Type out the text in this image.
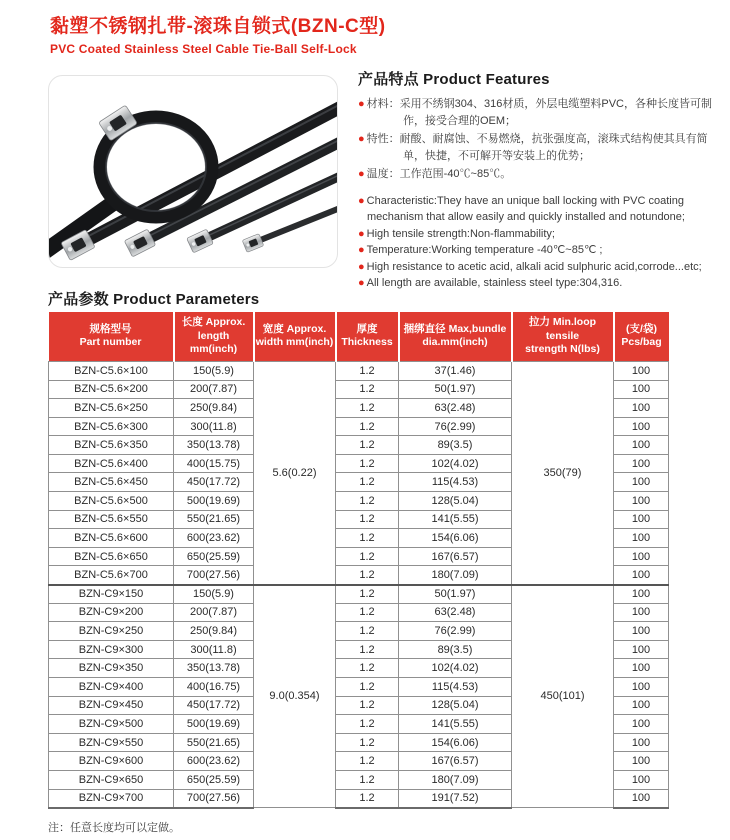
黏塑不锈钢扎带-滚珠自锁式(BZN-C型)
PVC Coated Stainless Steel Cable Tie-Ball Self-Lock
产品特点 Product Features
● 材料：采用不绣钢304、316材质，外层电缆塑料PVC，各种长度皆可制作，接受合理的OEM；
● 特性：耐酸、耐腐蚀、不易燃烧，抗张强度高，滚珠式结构使其具有简单，快捷，不可解开等安装上的优势；
● 温度：工作范围-40℃~85℃。
● Characteristic:They have an unique ball locking with PVC coating mechanism that allow easily and quickly installed and notundone;
● High tensile strength:Non-flammability;
● Temperature:Working temperature -40℃~85℃ ;
● High resistance to acetic acid, alkali acid sulphuric acid,corrode...etc;
● All length are available, stainless steel type:304,316.
产品参数 Product Parameters
规格型号
Part number

长度 Approx.
length mm(inch)

宽度 Approx.
width mm(inch)

厚度
Thickness

捆绑直径 Max,bundle
dia.mm(inch)

拉力 Min.loop tensile
strength N(lbs)

(支/袋)
Pcs/bag

BZN-C5.6×100	150(5.9)	5.6(0.22)	1.2	37(1.46)	350(79)	100
BZN-C5.6×200	200(7.87)		1.2	50(1.97)		100
BZN-C5.6×250	250(9.84)		1.2	63(2.48)		100
BZN-C5.6×300	300(11.8)		1.2	76(2.99)		100
BZN-C5.6×350	350(13.78)		1.2	89(3.5)		100
BZN-C5.6×400	400(15.75)		1.2	102(4.02)		100
BZN-C5.6×450	450(17.72)		1.2	115(4.53)		100
BZN-C5.6×500	500(19.69)		1.2	128(5.04)		100
BZN-C5.6×550	550(21.65)		1.2	141(5.55)		100
BZN-C5.6×600	600(23.62)		1.2	154(6.06)		100
BZN-C5.6×650	650(25.59)		1.2	167(6.57)		100
BZN-C5.6×700	700(27.56)		1.2	180(7.09)		100
BZN-C9×150	150(5.9)	9.0(0.354)	1.2	50(1.97)	450(101)	100
BZN-C9×200	200(7.87)		1.2	63(2.48)		100
BZN-C9×250	250(9.84)		1.2	76(2.99)		100
BZN-C9×300	300(11.8)		1.2	89(3.5)		100
BZN-C9×350	350(13.78)		1.2	102(4.02)		100
BZN-C9×400	400(16.75)		1.2	115(4.53)		100
BZN-C9×450	450(17.72)		1.2	128(5.04)		100
BZN-C9×500	500(19.69)		1.2	141(5.55)		100
BZN-C9×550	550(21.65)		1.2	154(6.06)		100
BZN-C9×600	600(23.62)		1.2	167(6.57)		100
BZN-C9×650	650(25.59)		1.2	180(7.09)		100
BZN-C9×700	700(27.56)		1.2	191(7.52)		100

注：任意长度均可以定做。
